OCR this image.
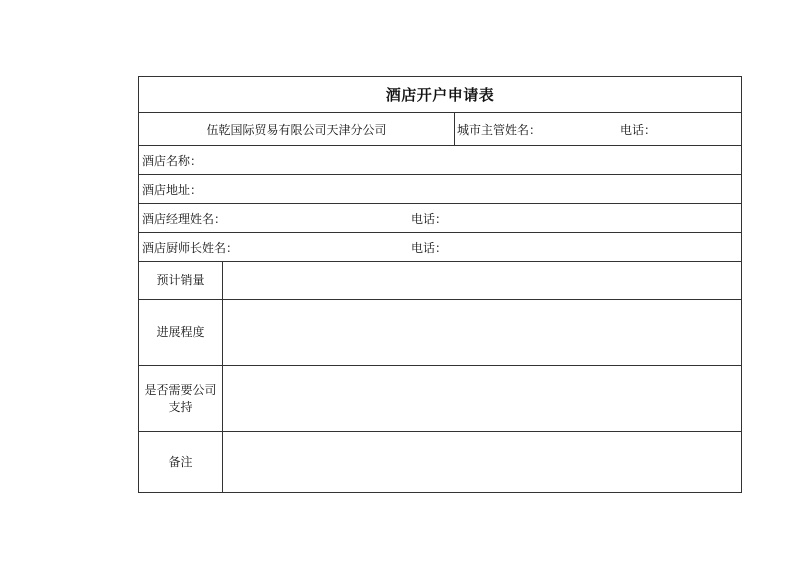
酒店开户申请表
伍乾国际贸易有限公司天津分公司	城市主管姓名：	电话：
酒店名称：
酒店地址：
酒店经理姓名：	电话：
酒店厨师长姓名：	电话：
预计销量
进展程度
是否需要公司支持
备注
